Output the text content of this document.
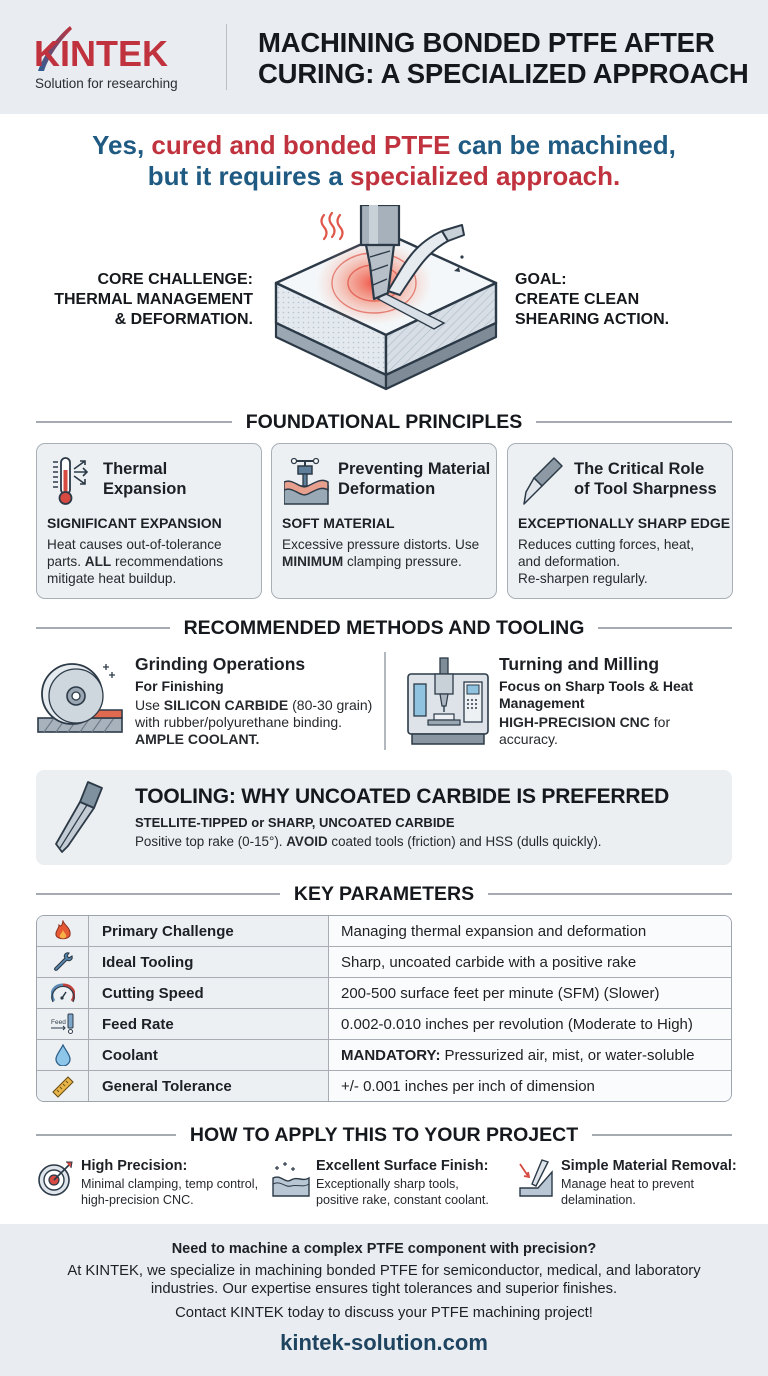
KINTEK
Solution for researching
MACHINING BONDED PTFE AFTER CURING: A SPECIALIZED APPROACH
Yes, cured and bonded PTFE can be machined,
but it requires a specialized approach.
CORE CHALLENGE:
THERMAL MANAGEMENT
& DEFORMATION.
GOAL:
CREATE CLEAN
SHEARING ACTION.
FOUNDATIONAL PRINCIPLES
Thermal
Expansion
SIGNIFICANT EXPANSION
Heat causes out-of-tolerance parts. ALL recommendations mitigate heat buildup.
Preventing Material
Deformation
SOFT MATERIAL
Excessive pressure distorts. Use MINIMUM clamping pressure.
The Critical Role
of Tool Sharpness
EXCEPTIONALLY SHARP EDGE
Reduces cutting forces, heat,
and deformation.
Re-sharpen regularly.
RECOMMENDED METHODS AND TOOLING
Grinding Operations
For Finishing
Use SILICON CARBIDE (80-30 grain) with rubber/polyurethane binding. AMPLE COOLANT.
Turning and Milling
Focus on Sharp Tools & Heat Management
HIGH-PRECISION CNC for accuracy.
TOOLING: WHY UNCOATED CARBIDE IS PREFERRED
STELLITE-TIPPED or SHARP, UNCOATED CARBIDE
Positive top rake (0-15°). AVOID coated tools (friction) and HSS (dulls quickly).
KEY PARAMETERS
Primary Challenge	Managing thermal expansion and deformation
Ideal Tooling	Sharp, uncoated carbide with a positive rake
Cutting Speed	200-500 surface feet per minute (SFM) (Slower)
Feed	Feed Rate	0.002-0.010 inches per revolution (Moderate to High)
Coolant	MANDATORY: Pressurized air, mist, or water-soluble
General Tolerance	+/- 0.001 inches per inch of dimension
HOW TO APPLY THIS TO YOUR PROJECT
High Precision:
Minimal clamping, temp control, high-precision CNC.
Excellent Surface Finish:
Exceptionally sharp tools, positive rake, constant coolant.
Simple Material Removal:
Manage heat to prevent delamination.
Need to machine a complex PTFE component with precision?
At KINTEK, we specialize in machining bonded PTFE for semiconductor, medical, and laboratory industries. Our expertise ensures tight tolerances and superior finishes.
Contact KINTEK today to discuss your PTFE machining project!
kintek-solution.com
